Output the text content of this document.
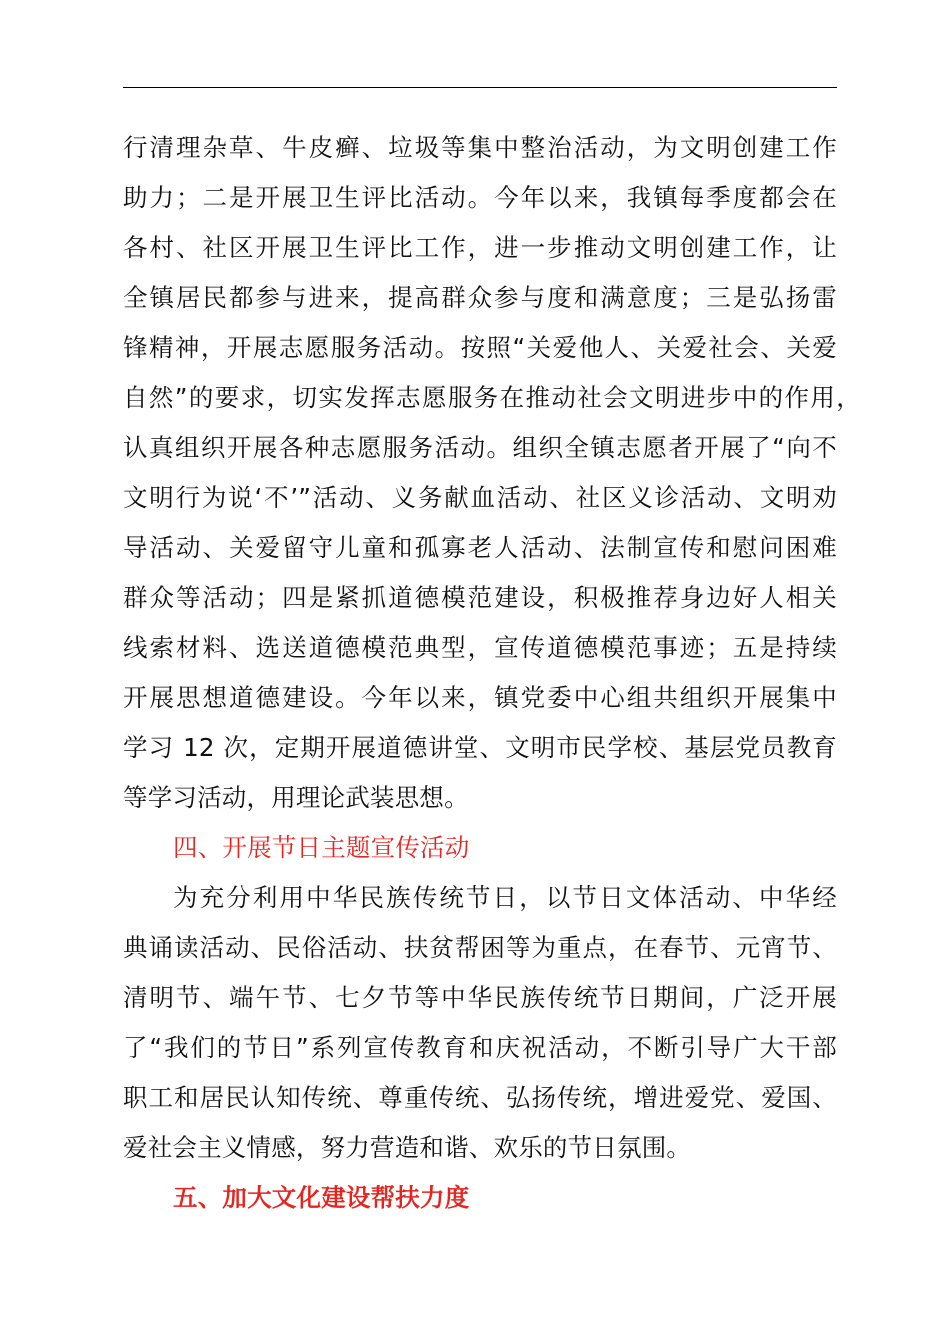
行清理杂草、牛皮癣、垃圾等集中整治活动，为文明创建工作
助力；二是开展卫生评比活动。今年以来，我镇每季度都会在
各村、社区开展卫生评比工作，进一步推动文明创建工作，让
全镇居民都参与进来，提高群众参与度和满意度；三是弘扬雷
锋精神，开展志愿服务活动。按照“关爱他人、关爱社会、关爱
自然”的要求，切实发挥志愿服务在推动社会文明进步中的作用，
认真组织开展各种志愿服务活动。组织全镇志愿者开展了“向不
文明行为说‘不’”活动、义务献血活动、社区义诊活动、文明劝
导活动、关爱留守儿童和孤寡老人活动、法制宣传和慰问困难
群众等活动；四是紧抓道德模范建设，积极推荐身边好人相关
线索材料、选送道德模范典型，宣传道德模范事迹；五是持续
开展思想道德建设。今年以来，镇党委中心组共组织开展集中
学习 12 次，定期开展道德讲堂、文明市民学校、基层党员教育
等学习活动，用理论武装思想。
四、开展节日主题宣传活动
为充分利用中华民族传统节日，以节日文体活动、中华经
典诵读活动、民俗活动、扶贫帮困等为重点，在春节、元宵节、
清明节、端午节、七夕节等中华民族传统节日期间，广泛开展
了“我们的节日”系列宣传教育和庆祝活动，不断引导广大干部
职工和居民认知传统、尊重传统、弘扬传统，增进爱党、爱国、
爱社会主义情感，努力营造和谐、欢乐的节日氛围。
五、加大文化建设帮扶力度
